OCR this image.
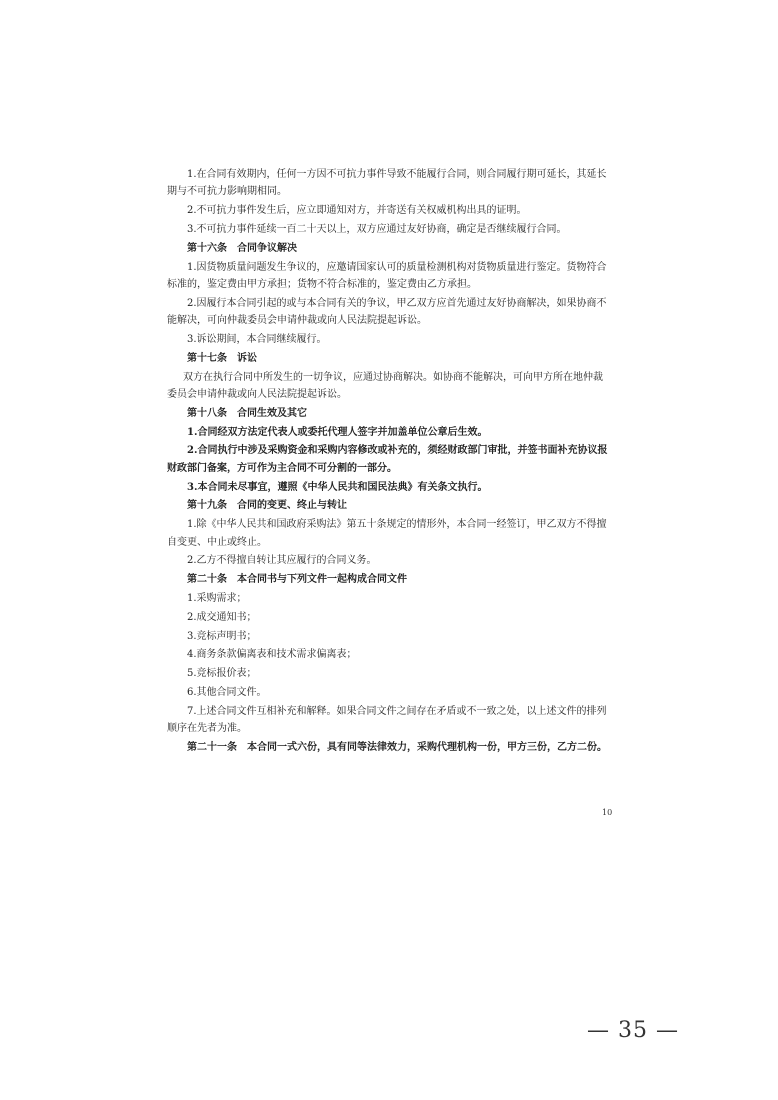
1.在合同有效期内，任何一方因不可抗力事件导致不能履行合同，则合同履行期可延长，其延长期与不可抗力影响期相同。

2.不可抗力事件发生后，应立即通知对方，并寄送有关权威机构出具的证明。

3.不可抗力事件延续一百二十天以上，双方应通过友好协商，确定是否继续履行合同。

第十六条　合同争议解决

1.因货物质量问题发生争议的，应邀请国家认可的质量检测机构对货物质量进行鉴定。货物符合标准的，鉴定费由甲方承担；货物不符合标准的，鉴定费由乙方承担。

2.因履行本合同引起的或与本合同有关的争议，甲乙双方应首先通过友好协商解决，如果协商不能解决，可向仲裁委员会申请仲裁或向人民法院提起诉讼。

3.诉讼期间，本合同继续履行。

第十七条　诉讼

双方在执行合同中所发生的一切争议，应通过协商解决。如协商不能解决，可向甲方所在地仲裁委员会申请仲裁或向人民法院提起诉讼。

第十八条　合同生效及其它

1.合同经双方法定代表人或委托代理人签字并加盖单位公章后生效。

2.合同执行中涉及采购资金和采购内容修改或补充的，须经财政部门审批，并签书面补充协议报财政部门备案，方可作为主合同不可分割的一部分。

3.本合同未尽事宜，遵照《中华人民共和国民法典》有关条文执行。

第十九条　合同的变更、终止与转让

1.除《中华人民共和国政府采购法》第五十条规定的情形外，本合同一经签订，甲乙双方不得擅自变更、中止或终止。

2.乙方不得擅自转让其应履行的合同义务。

第二十条　本合同书与下列文件一起构成合同文件

1.采购需求；

2.成交通知书；

3.竞标声明书；

4.商务条款偏离表和技术需求偏离表；

5.竞标报价表；

6.其他合同文件。

7.上述合同文件互相补充和解释。如果合同文件之间存在矛盾或不一致之处，以上述文件的排列顺序在先者为准。

第二十一条　本合同一式六份，具有同等法律效力，采购代理机构一份，甲方三份，乙方二份。

10
— 35 —
